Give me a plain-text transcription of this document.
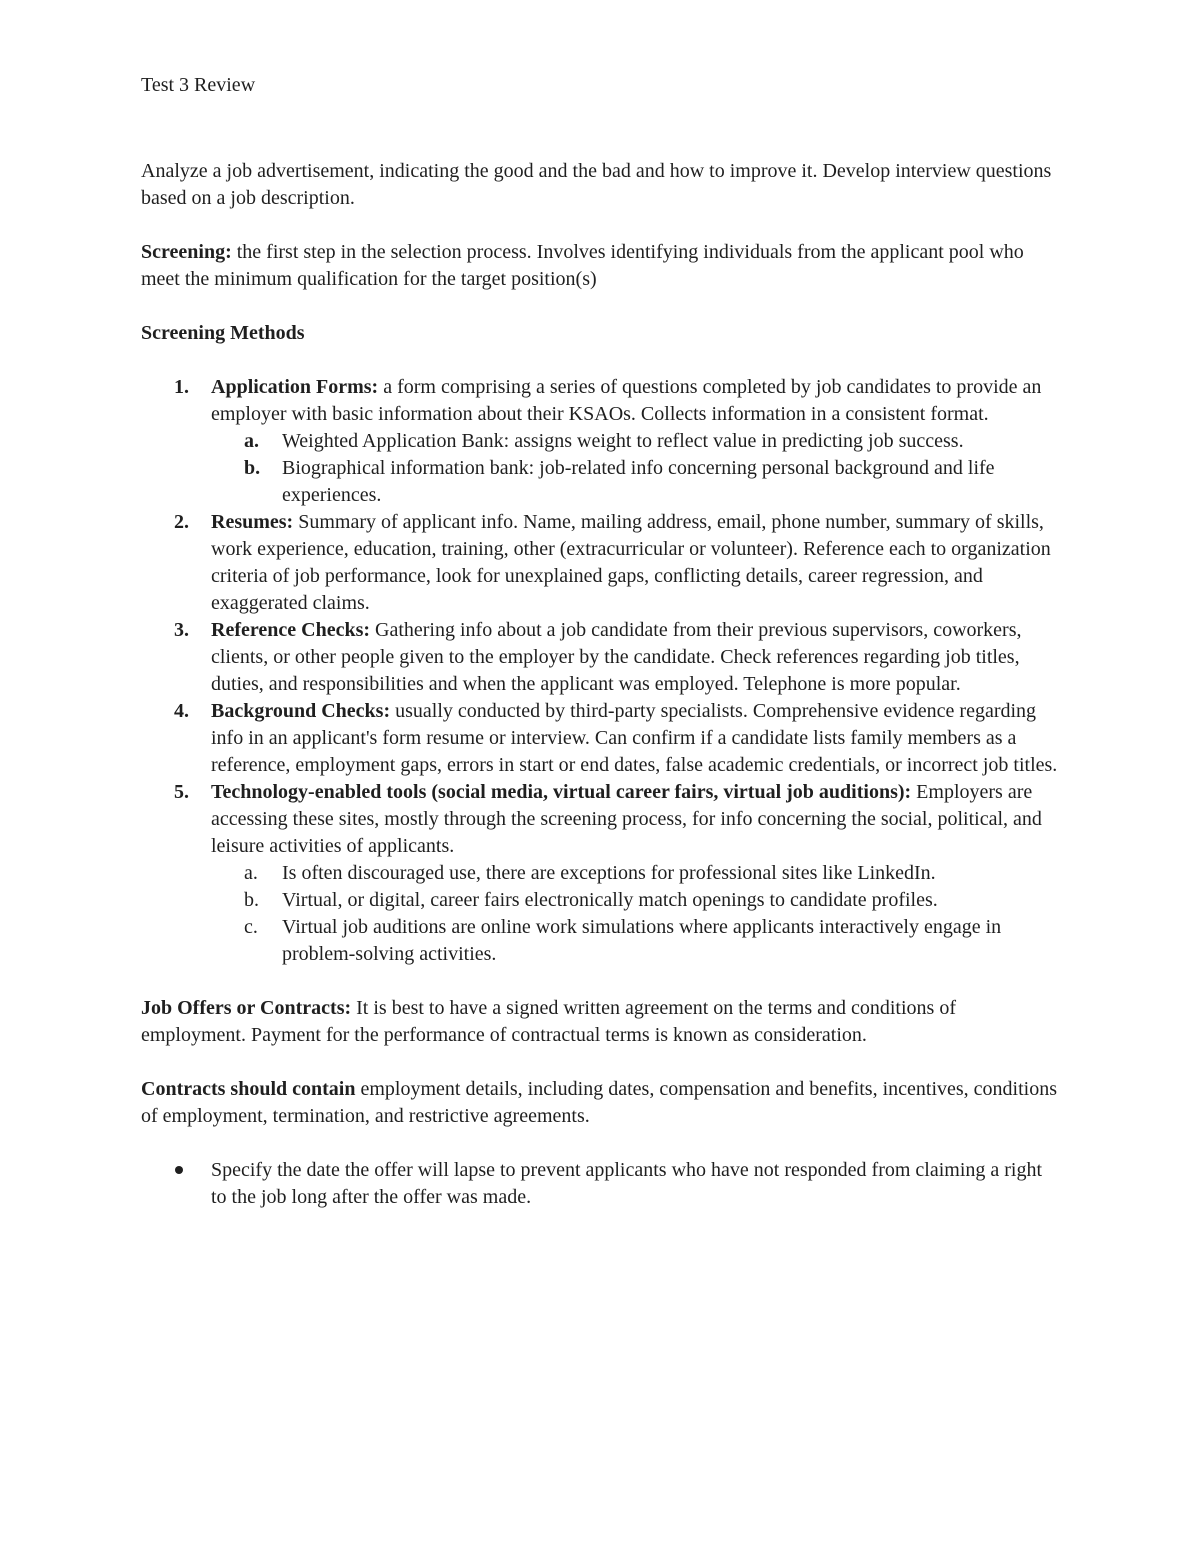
Test 3 Review

Analyze a job advertisement, indicating the good and the bad and how to improve it. Develop interview questions based on a job description.

Screening: the first step in the selection process. Involves identifying individuals from the applicant pool who meet the minimum qualification for the target position(s)

Screening Methods

1. Application Forms: a form comprising a series of questions completed by job candidates to provide an employer with basic information about their KSAOs. Collects information in a consistent format.
a. Weighted Application Bank: assigns weight to reflect value in predicting job success.
b. Biographical information bank: job-related info concerning personal background and life experiences.
2. Resumes: Summary of applicant info. Name, mailing address, email, phone number, summary of skills, work experience, education, training, other (extracurricular or volunteer). Reference each to organization criteria of job performance, look for unexplained gaps, conflicting details, career regression, and exaggerated claims.
3. Reference Checks: Gathering info about a job candidate from their previous supervisors, coworkers, clients, or other people given to the employer by the candidate. Check references regarding job titles, duties, and responsibilities and when the applicant was employed. Telephone is more popular.
4. Background Checks: usually conducted by third-party specialists. Comprehensive evidence regarding info in an applicant's form resume or interview. Can confirm if a candidate lists family members as a reference, employment gaps, errors in start or end dates, false academic credentials, or incorrect job titles.
5. Technology-enabled tools (social media, virtual career fairs, virtual job auditions): Employers are accessing these sites, mostly through the screening process, for info concerning the social, political, and leisure activities of applicants.
a. Is often discouraged use, there are exceptions for professional sites like LinkedIn.
b. Virtual, or digital, career fairs electronically match openings to candidate profiles.
c. Virtual job auditions are online work simulations where applicants interactively engage in problem-solving activities.

Job Offers or Contracts: It is best to have a signed written agreement on the terms and conditions of employment. Payment for the performance of contractual terms is known as consideration.

Contracts should contain employment details, including dates, compensation and benefits, incentives, conditions of employment, termination, and restrictive agreements.

Specify the date the offer will lapse to prevent applicants who have not responded from claiming a right to the job long after the offer was made.
